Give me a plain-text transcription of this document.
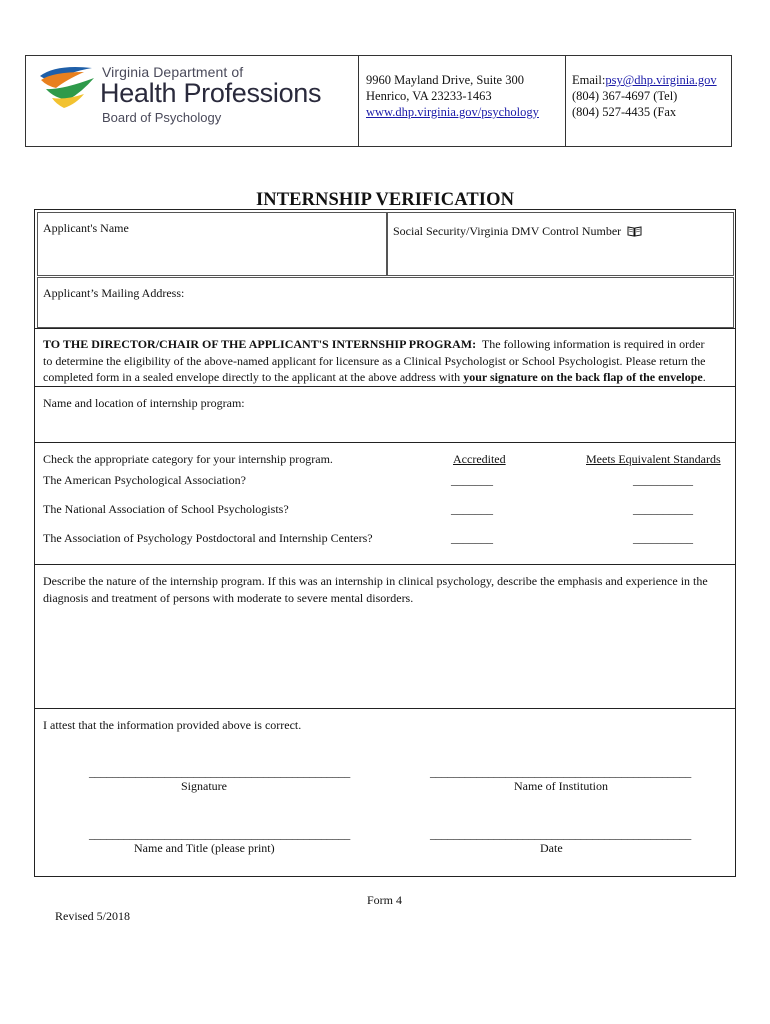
Virginia Department of
Health Professions
Board of Psychology
9960 Mayland Drive, Suite 300
Henrico, VA 23233-1463
www.dhp.virginia.gov/psychology
Email:psy@dhp.virginia.gov
(804) 367-4697 (Tel)
(804) 527-4435 (Fax
INTERNSHIP VERIFICATION
Applicant's Name	Social Security/Virginia DMV Control Number
Applicant’s Mailing Address:
TO THE DIRECTOR/CHAIR OF THE APPLICANT'S INTERNSHIP PROGRAM: The following information is required in order
to determine the eligibility of the above-named applicant for licensure as a Clinical Psychologist or School Psychologist. Please return the
completed form in a sealed envelope directly to the applicant at the above address with your signature on the back flap of the envelope.
Name and location of internship program:
Check the appropriate category for your internship program.	Accredited	Meets Equivalent Standards
The American Psychological Association?	_______	__________
The National Association of School Psychologists?	_______	__________
The Association of Psychology Postdoctoral and Internship Centers?	_______	__________
Describe the nature of the internship program. If this was an internship in clinical psychology, describe the emphasis and experience in the
diagnosis and treatment of persons with moderate to severe mental disorders.
I attest that the information provided above is correct.
_____________________________________________	_____________________________________________
Signature	Name of Institution
_____________________________________________	_____________________________________________
Name and Title (please print)	Date
Form 4
Revised 5/2018
